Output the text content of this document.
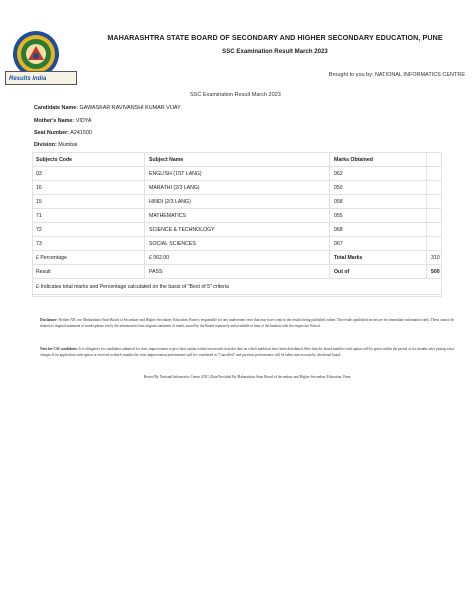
Results India
MAHARASHTRA STATE BOARD OF SECONDARY AND HIGHER SECONDARY EDUCATION, PUNE
SSC Examination Result March 2023
Brought to you by: NATIONAL INFORMATICS CENTRE
SSC Examination Result March 2023
Candidate Name: GAWASKAR RAVIVANSHI KUMAR VIJAY
Mother's Name: VIDYA
Seat Number: A241500
Division: Mumbai
Subjects Code	Subject Name	Marks Obtained	
03	ENGLISH (1ST LANG)	062	
16	MARATHI (2/3 LANG)	050	
15	HINDI (2/3 LANG)	058	
71	MATHEMATICS	055	
72	SCIENCE & TECHNOLOGY	068	
73	SOCIAL SCIENCES	067	
£ Percentage	£ 062.00	Total Marks	310
Result	PASS	Out of	500
£-Indicates total marks and Percentage calculated on the basis of "Best of 5" criteria			
Disclaimer: Neither NIC nor Maharashtra State Board of Secondary and Higher Secondary Education, Pune is responsible for any inadvertent error that may have crept in the results being published online. The results published on net are for immediate information only. These cannot be treated as original statement of marks,please verify the information from original statement of marks issued by the Board separately and available at time of declaration with the respective School.
Note for CSI candidates: It is obligatory for candidates admitted for class improvement to give their option within one month from the date on which marklists have been distributed.After that the board marklist with option will be given within the period of six months after paying extra charges.If no application with option is received within 6 months the class improvement performance will be considered as "Cancelled" and previous performance will be taken into account by divisional board.
Hosted By National Informatics Centre (NIC) Data Provided By Maharashtra State Board of Secondary and Higher Secondary Education, Pune
